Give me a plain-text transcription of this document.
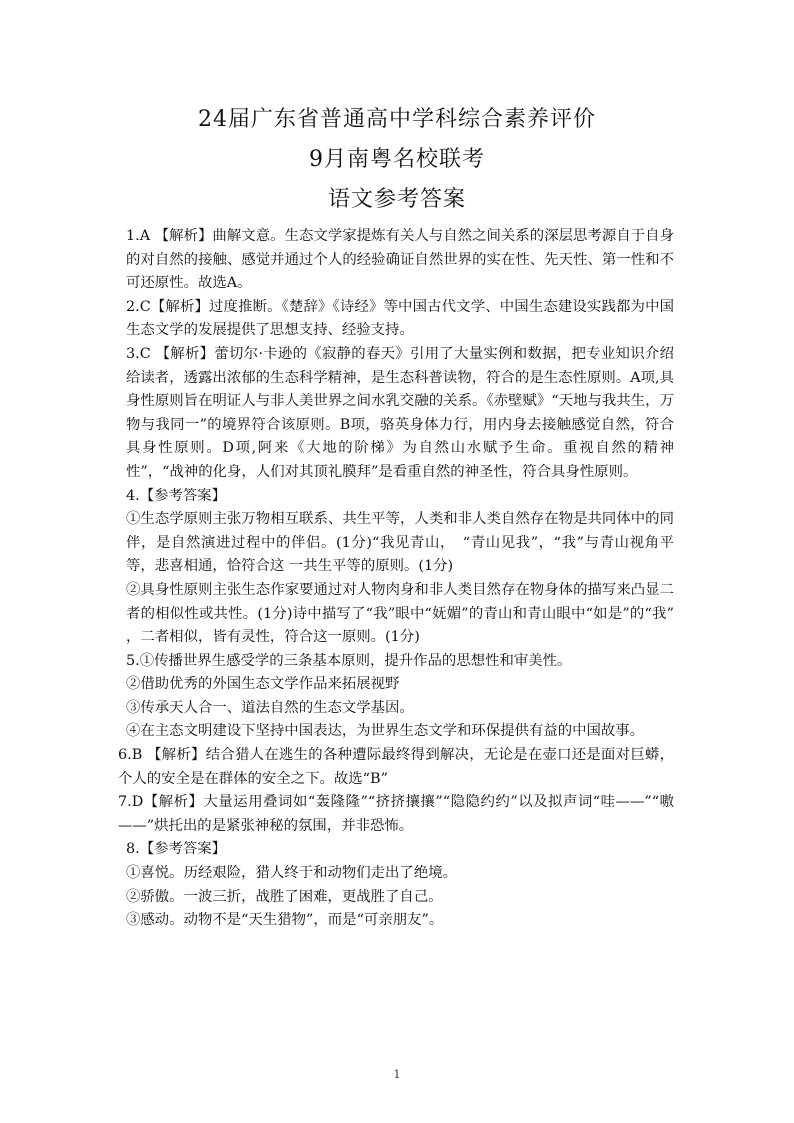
24届广东省普通高中学科综合素养评价
9月南粤名校联考
语文参考答案

1.A 【解析】曲解文意。生态文学家提炼有关人与自然之间关系的深层思考源自于自身的对自然的接触、感觉并通过个人的经验确证自然世界的实在性、先天性、第一性和不可还原性。故选A。

2.C【解析】过度推断。《楚辞》《诗经》等中国古代文学、中国生态建设实践都为中国生态文学的发展提供了思想支持、经验支持。

3.C 【解析】蕾切尔·卡逊的《寂静的春天》引用了大量实例和数据，把专业知识介绍给读者，透露出浓郁的生态科学精神，是生态科普读物，符合的是生态性原则。A项,具身性原则旨在明证人与非人美世界之间水乳交融的关系。《赤壁赋》“天地与我共生，万物与我同一”的境界符合该原则。B项，骆英身体力行，用内身去接触感觉自然，符合具身性原则。D项,阿来《大地的阶梯》为自然山水赋予生命。重视自然的精神性”，“战神的化身，人们对其顶礼膜拜”是看重自然的神圣性，符合具身性原则。

4.【参考答案】

①生态学原则主张万物相互联系、共生平等，人类和非人类自然存在物是共同体中的同伴，是自然演进过程中的伴侣。(1分)“我见青山，　“青山见我”，“我”与青山视角平等，悲喜相通，恰符合这 一共生平等的原则。(1分)

②具身性原则主张生态作家要通过对人物肉身和非人类目然存在物身体的描写来凸显二者的相似性或共性。(1分)诗中描写了“我”眼中“妩媚”的青山和青山眼中“如是”的“我” ，二者相似，皆有灵性，符合这一原则。(1分)

5.①传播世界生感受学的三条基本原则，提升作品的思想性和审美性。

②借助优秀的外国生态文学作品来拓展视野

③传承天人合一、道法自然的生态文学基因。

④在主态文明建设下坚持中国表达，为世界生态文学和环保提供有益的中国故事。

6.B 【解析】结合猎人在逃生的各种遭际最终得到解决，无论是在壶口还是面对巨蟒，个人的安全是在群体的安全之下。故选“B”

7.D【解析】大量运用叠词如“轰隆隆”“挤挤攘攘”“隐隐约约”以及拟声词“哇——”“嗷——”烘托出的是紧张神秘的氛围，并非恐怖。

8.【参考答案】

①喜悦。历经艰险，猎人终于和动物们走出了绝境。

②骄傲。一波三折，战胜了困难，更战胜了自己。

③感动。动物不是“天生猎物”，而是“可亲朋友”。

1
